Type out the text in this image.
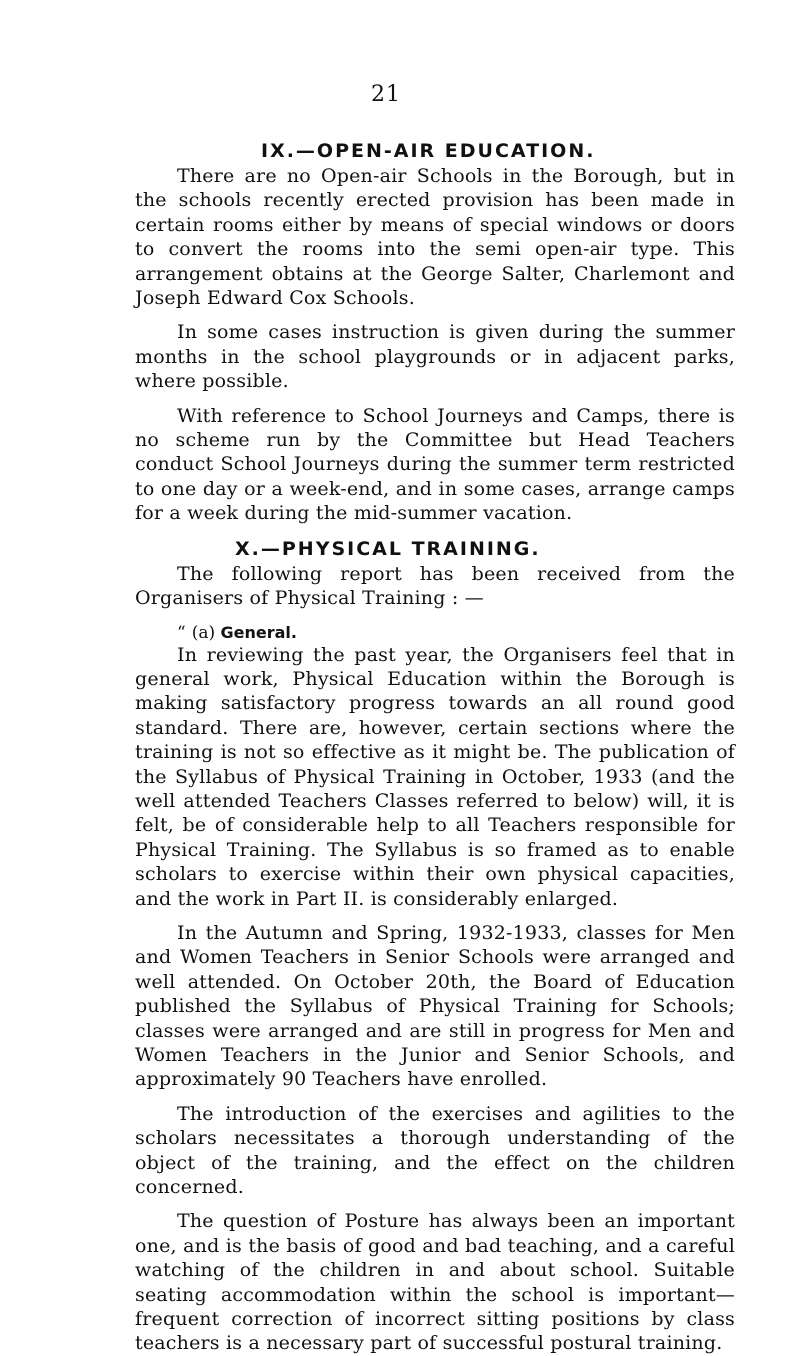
21
IX.—OPEN-AIR EDUCATION.

There are no Open-air Schools in the Borough, but in the schools recently erected provision has been made in certain rooms either by means of special windows or doors to convert the rooms into the semi open-air type. This arrangement obtains at the George Salter, Charlemont and Joseph Edward Cox Schools.

In some cases instruction is given during the summer months in the school playgrounds or in adjacent parks, where possible.

With reference to School Journeys and Camps, there is no scheme run by the Committee but Head Teachers conduct School Journeys during the summer term restricted to one day or a week-end, and in some cases, arrange camps for a week during the mid-summer vacation.

X.—PHYSICAL TRAINING.

The following report has been received from the Organisers of Physical Training : —

“ (a) General.

In reviewing the past year, the Organisers feel that in general work, Physical Education within the Borough is making satisfactory progress towards an all round good standard. There are, however, certain sections where the training is not so effective as it might be. The publication of the Syllabus of Physical Training in October, 1933 (and the well attended Teachers Classes referred to below) will, it is felt, be of considerable help to all Teachers responsible for Physical Training. The Syllabus is so framed as to enable scholars to exercise within their own physical capacities, and the work in Part II. is considerably enlarged.

In the Autumn and Spring, 1932-1933, classes for Men and Women Teachers in Senior Schools were arranged and well attended. On October 20th, the Board of Education published the Syllabus of Physical Training for Schools; classes were arranged and are still in progress for Men and Women Teachers in the Junior and Senior Schools, and approximately 90 Teachers have enrolled.

The introduction of the exercises and agilities to the scholars necessitates a thorough understanding of the object of the training, and the effect on the children concerned.

The question of Posture has always been an important one, and is the basis of good and bad teaching, and a careful watching of the children in and about school. Suitable seating accommodation within the school is important—frequent correction of incorrect sitting positions by class teachers is a necessary part of successful postural training.
